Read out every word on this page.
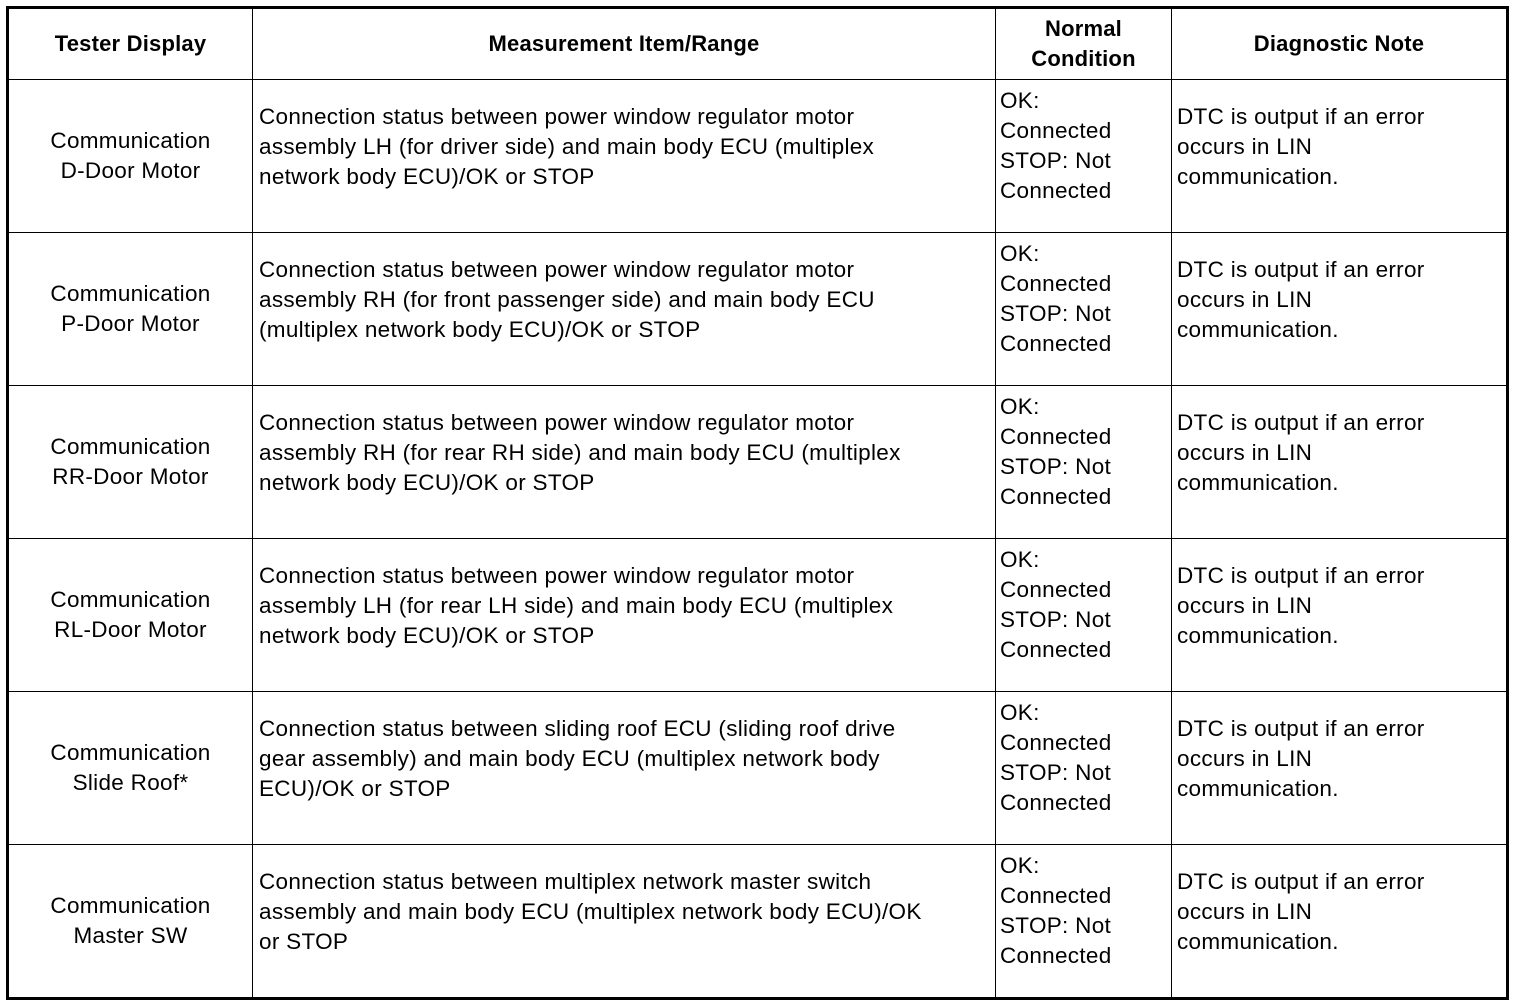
Tester Display	Measurement Item/Range	Normal
Condition	Diagnostic Note

Communication
D-Door Motor	Connection status between power window regulator motor
assembly LH (for driver side) and main body ECU (multiplex
network body ECU)/OK or STOP	OK:
Connected
STOP: Not
Connected	DTC is output if an error
occurs in LIN
communication.

Communication
P-Door Motor	Connection status between power window regulator motor
assembly RH (for front passenger side) and main body ECU
(multiplex network body ECU)/OK or STOP	OK:
Connected
STOP: Not
Connected	DTC is output if an error
occurs in LIN
communication.

Communication
RR-Door Motor	Connection status between power window regulator motor
assembly RH (for rear RH side) and main body ECU (multiplex
network body ECU)/OK or STOP	OK:
Connected
STOP: Not
Connected	DTC is output if an error
occurs in LIN
communication.

Communication
RL-Door Motor	Connection status between power window regulator motor
assembly LH (for rear LH side) and main body ECU (multiplex
network body ECU)/OK or STOP	OK:
Connected
STOP: Not
Connected	DTC is output if an error
occurs in LIN
communication.

Communication
Slide Roof*	Connection status between sliding roof ECU (sliding roof drive
gear assembly) and main body ECU (multiplex network body
ECU)/OK or STOP	OK:
Connected
STOP: Not
Connected	DTC is output if an error
occurs in LIN
communication.

Communication
Master SW	Connection status between multiplex network master switch
assembly and main body ECU (multiplex network body ECU)/OK
or STOP	OK:
Connected
STOP: Not
Connected	DTC is output if an error
occurs in LIN
communication.
